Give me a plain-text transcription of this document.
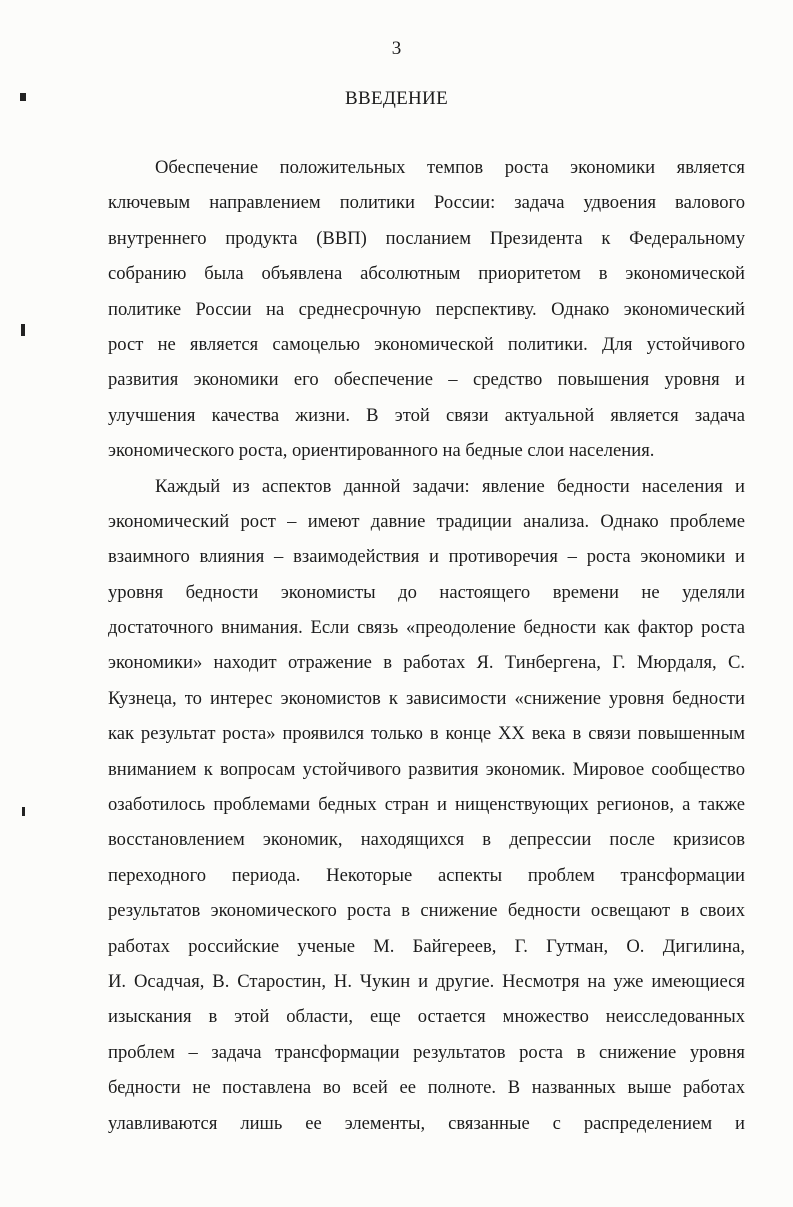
3
ВВЕДЕНИЕ
Обеспечение положительных темпов роста экономики является
ключевым направлением политики России: задача удвоения валового
внутреннего продукта (ВВП) посланием Президента к Федеральному
собранию была объявлена абсолютным приоритетом в экономической
политике России на среднесрочную перспективу. Однако экономический
рост не является самоцелью экономической политики. Для устойчивого
развития экономики его обеспечение – средство повышения уровня и
улучшения качества жизни. В этой связи актуальной является задача
экономического роста, ориентированного на бедные слои населения.
Каждый из аспектов данной задачи: явление бедности населения и
экономический рост – имеют давние традиции анализа. Однако проблеме
взаимного влияния – взаимодействия и противоречия – роста экономики и
уровня бедности экономисты до настоящего времени не уделяли
достаточного внимания. Если связь «преодоление бедности как фактор роста
экономики» находит отражение в работах Я. Тинбергена, Г. Мюрдаля, С.
Кузнеца, то интерес экономистов к зависимости «снижение уровня бедности
как результат роста» проявился только в конце XX века в связи повышенным
вниманием к вопросам устойчивого развития экономик. Мировое сообщество
озаботилось проблемами бедных стран и нищенствующих регионов, а также
восстановлением экономик, находящихся в депрессии после кризисов
переходного периода. Некоторые аспекты проблем трансформации
результатов экономического роста в снижение бедности освещают в своих
работах российские ученые М. Байгереев, Г. Гутман, О. Дигилина,
И. Осадчая, В. Старостин, Н. Чукин и другие. Несмотря на уже имеющиеся
изыскания в этой области, еще остается множество неисследованных
проблем – задача трансформации результатов роста в снижение уровня
бедности не поставлена во всей ее полноте. В названных выше работах
улавливаются лишь ее элементы, связанные с распределением и
